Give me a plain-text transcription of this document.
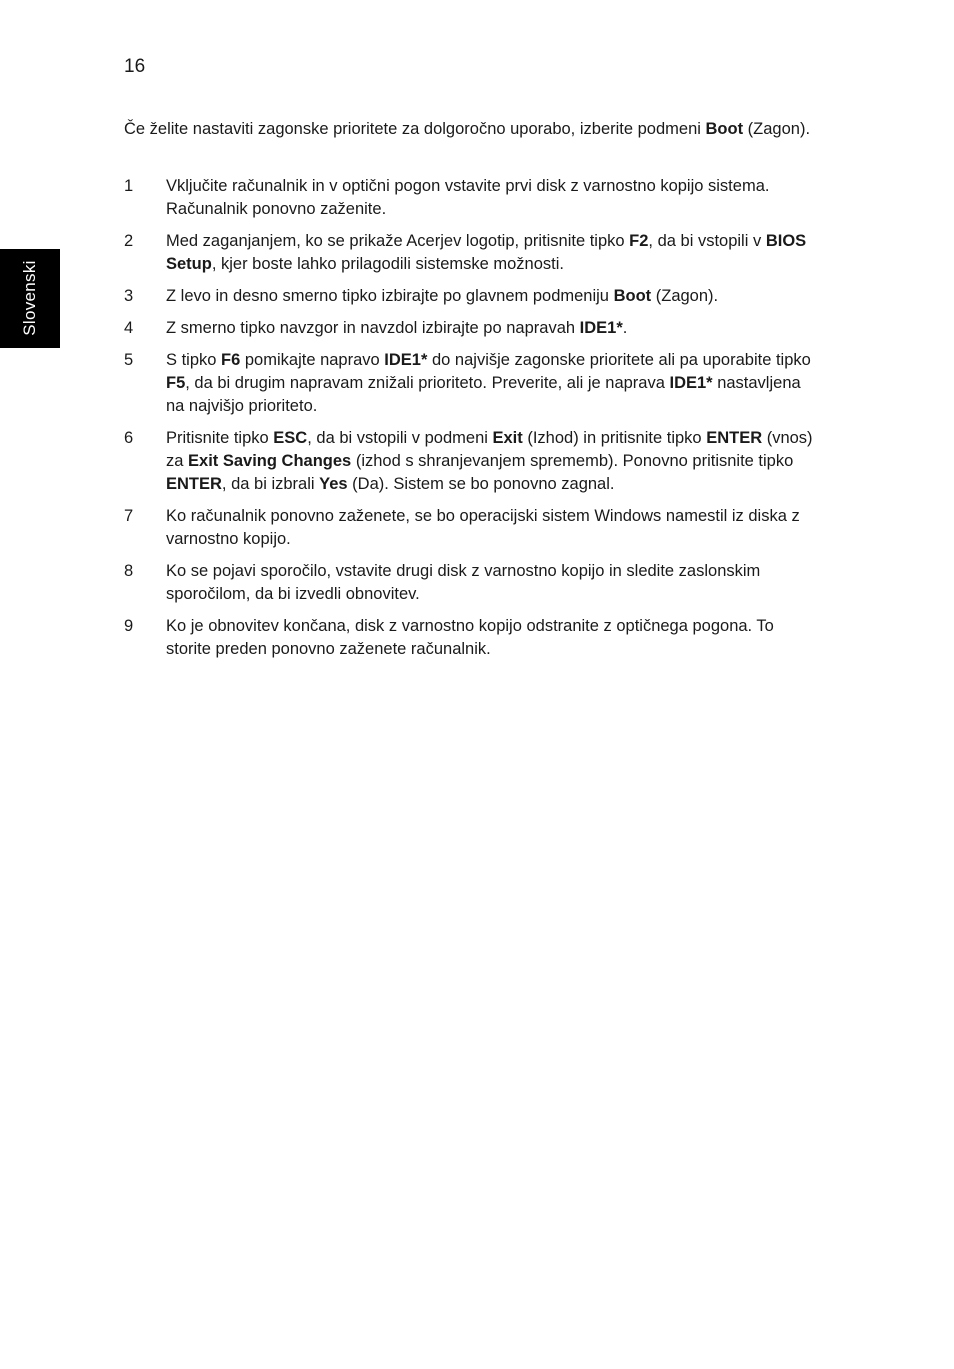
16
Slovenski

Če želite nastaviti zagonske prioritete za dolgoročno uporabo, izberite podmeni Boot (Zagon).

1	Vključite računalnik in v optični pogon vstavite prvi disk z varnostno kopijo sistema. Računalnik ponovno zaženite.
2	Med zaganjanjem, ko se prikaže Acerjev logotip, pritisnite tipko F2, da bi vstopili v BIOS Setup, kjer boste lahko prilagodili sistemske možnosti.
3	Z levo in desno smerno tipko izbirajte po glavnem podmeniju Boot (Zagon).
4	Z smerno tipko navzgor in navzdol izbirajte po napravah IDE1*.
5	S tipko F6 pomikajte napravo IDE1* do najvišje zagonske prioritete ali pa uporabite tipko F5, da bi drugim napravam znižali prioriteto. Preverite, ali je naprava IDE1* nastavljena na najvišjo prioriteto.
6	Pritisnite tipko ESC, da bi vstopili v podmeni Exit (Izhod) in pritisnite tipko ENTER (vnos) za Exit Saving Changes (izhod s shranjevanjem sprememb). Ponovno pritisnite tipko ENTER, da bi izbrali Yes (Da). Sistem se bo ponovno zagnal.
7	Ko računalnik ponovno zaženete, se bo operacijski sistem Windows namestil iz diska z varnostno kopijo.
8	Ko se pojavi sporočilo, vstavite drugi disk z varnostno kopijo in sledite zaslonskim sporočilom, da bi izvedli obnovitev.
9	Ko je obnovitev končana, disk z varnostno kopijo odstranite z optičnega pogona. To storite preden ponovno zaženete računalnik.
